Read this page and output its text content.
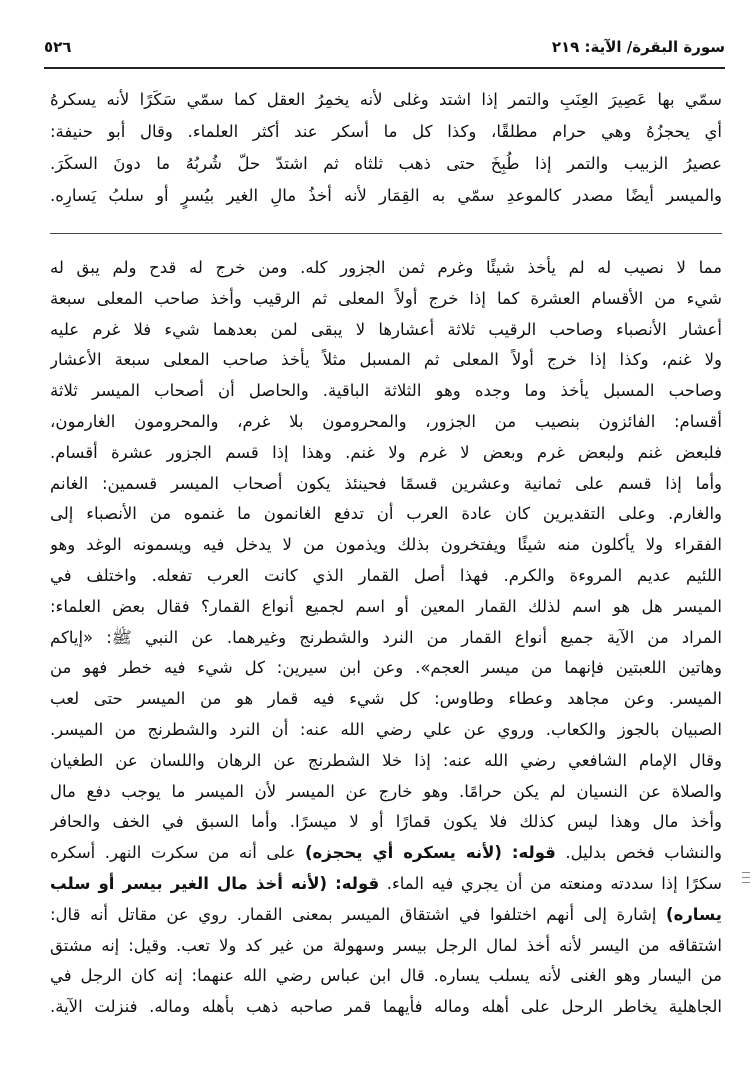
٥٢٦	سورة البقرة/ الآية: ٢١٩
سمّي بها عَصِيرَ العِنَبِ والتمر إذا اشتد وغلى لأنه يخمِرُ العقل كما سمّي سَكَرًا لأنه يسكرهُ
أي يحجزُهُ وهي حرام مطلقًا، وكذا كل ما أسكر عند أكثر العلماء. وقال أبو حنيفة:
عصيرُ الزبيب والتمر إذا طُبِخَ حتى ذهب ثلثاه ثم اشتدّ حلّ شُربُهُ ما دونَ السكَرَ.
والميسر أيضًا مصدر كالموعدِ سمّي به القِمَار لأنه أخذُ مالِ الغير بيُسرٍ أو سلبُ يَسارِه.
مما لا نصيب له لم يأخذ شيئًا وغرم ثمن الجزور كله. ومن خرج له قدح ولم يبق له
شيء من الأقسام العشرة كما إذا خرج أولاً المعلى ثم الرقيب وأخذ صاحب المعلى سبعة
أعشار الأنصباء وصاحب الرقيب ثلاثة أعشارها لا يبقى لمن بعدهما شيء فلا غرم عليه
ولا غنم، وكذا إذا خرج أولاً المعلى ثم المسبل مثلاً يأخذ صاحب المعلى سبعة الأعشار
وصاحب المسبل يأخذ وما وجده وهو الثلاثة الباقية. والحاصل أن أصحاب الميسر ثلاثة
أقسام: الفائزون بنصيب من الجزور، والمحرومون بلا غرم، والمحرومون الغارمون،
فلبعض غنم ولبعض غرم وبعض لا غرم ولا غنم. وهذا إذا قسم الجزور عشرة أقسام.
وأما إذا قسم على ثمانية وعشرين قسمًا فحينئذ يكون أصحاب الميسر قسمين: الغانم
والغارم. وعلى التقديرين كان عادة العرب أن تدفع الغانمون ما غنموه من الأنصباء إلى
الفقراء ولا يأكلون منه شيئًا ويفتخرون بذلك ويذمون من لا يدخل فيه ويسمونه الوغد وهو
اللئيم عديم المروءة والكرم. فهذا أصل القمار الذي كانت العرب تفعله. واختلف في
الميسر هل هو اسم لذلك القمار المعين أو اسم لجميع أنواع القمار؟ فقال بعض العلماء:
المراد من الآية جميع أنواع القمار من النرد والشطرنج وغيرهما. عن النبي ﷺ: «إياكم
وهاتين اللعبتين فإنهما من ميسر العجم». وعن ابن سيرين: كل شيء فيه خطر فهو من
الميسر. وعن مجاهد وعطاء وطاوس: كل شيء فيه قمار هو من الميسر حتى لعب
الصبيان بالجوز والكعاب. وروي عن علي رضي الله عنه: أن النرد والشطرنج من الميسر.
وقال الإمام الشافعي رضي الله عنه: إذا خلا الشطرنج عن الرهان واللسان عن الطغيان
والصلاة عن النسيان لم يكن حرامًا. وهو خارج عن الميسر لأن الميسر ما يوجب دفع مال
وأخذ مال وهذا ليس كذلك فلا يكون قمارًا أو لا ميسرًا. وأما السبق في الخف والحافر
والنشاب فخص بدليل. قوله: (لأنه يسكره أي يحجزه) على أنه من سكرت النهر. أسكره
سكرًا إذا سددته ومنعته من أن يجري فيه الماء. قوله: (لأنه أخذ مال الغير بيسر أو سلب
يساره) إشارة إلى أنهم اختلفوا في اشتقاق الميسر بمعنى القمار. روي عن مقاتل أنه قال:
اشتقاقه من اليسر لأنه أخذ لمال الرجل بيسر وسهولة من غير كد ولا تعب. وقيل: إنه مشتق
من اليسار وهو الغنى لأنه يسلب يساره. قال ابن عباس رضي الله عنهما: إنه كان الرجل في
الجاهلية يخاطر الرحل على أهله وماله فأيهما قمر صاحبه ذهب بأهله وماله. فنزلت الآية.
